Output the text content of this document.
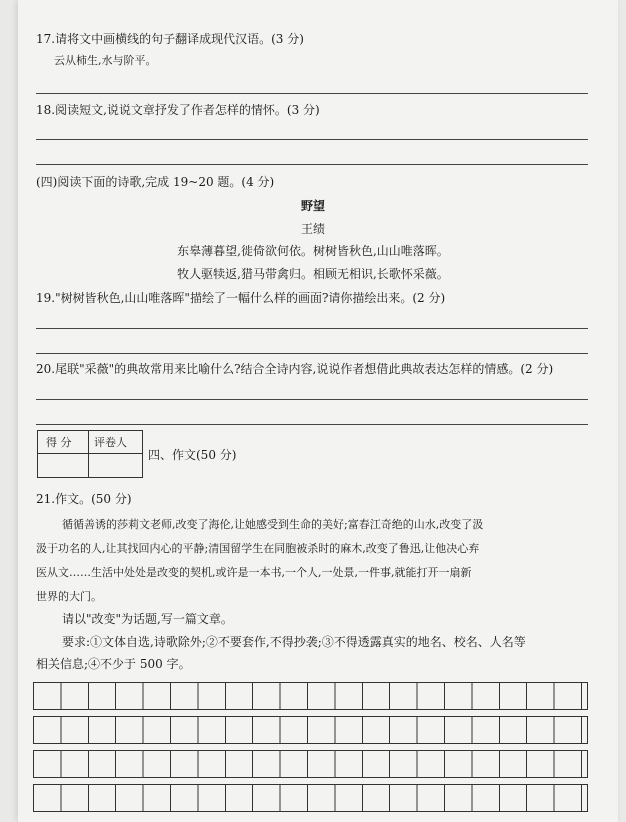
17.请将文中画横线的句子翻译成现代汉语。(3 分)
云从柿生,水与阶平。
18.阅读短文,说说文章抒发了作者怎样的情怀。(3 分)
(四)阅读下面的诗歌,完成 19~20 题。(4 分)
野望
王绩
东皋薄暮望,徙倚欲何依。树树皆秋色,山山唯落晖。
牧人驱犊返,猎马带禽归。相顾无相识,长歌怀采薇。
19."树树皆秋色,山山唯落晖"描绘了一幅什么样的画面?请你描绘出来。(2 分)
20.尾联"采薇"的典故常用来比喻什么?结合全诗内容,说说作者想借此典故表达怎样的情感。(2 分)
得 分 评卷人
四、作文(50 分)
21.作文。(50 分)
循循善诱的莎莉文老师,改变了海伦,让她感受到生命的美好;富春江奇绝的山水,改变了汲
汲于功名的人,让其找回内心的平静;清国留学生在同胞被杀时的麻木,改变了鲁迅,让他决心弃
医从文……生活中处处是改变的契机,或许是一本书,一个人,一处景,一件事,就能打开一扇新
世界的大门。
请以"改变"为话题,写一篇文章。
要求:①文体自选,诗歌除外;②不要套作,不得抄袭;③不得透露真实的地名、校名、人名等
相关信息;④不少于 500 字。
